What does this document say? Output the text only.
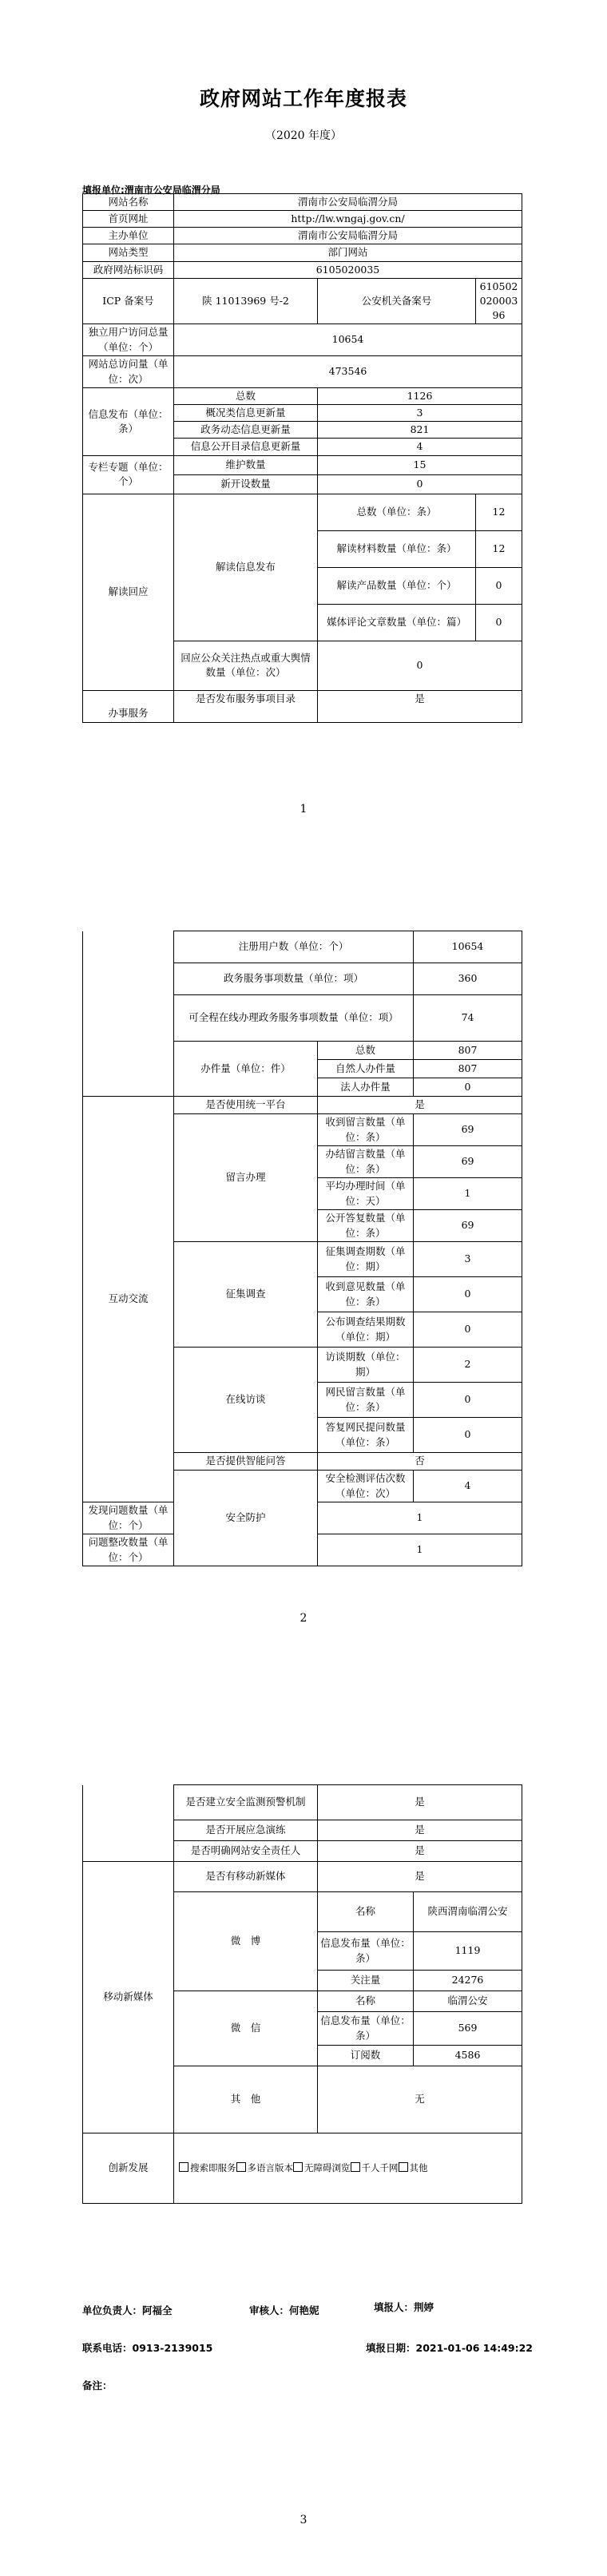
政府网站工作年度报表
（2020 年度）
填报单位:渭南市公安局临渭分局
网站名称	渭南市公安局临渭分局		
首页网址	http://lw.wngaj.gov.cn/		
主办单位	渭南市公安局临渭分局		
网站类型	部门网站		
政府网站标识码	6105020035		
ICP 备案号	陕 11013969 号-2	公安机关备案号	61050202000396
独立用户访问总量（单位：个）	10654		
网站总访问量（单位：次）	473546		
信息发布（单位：条）	总数	1126	
	概况类信息更新量	3	
	政务动态信息更新量	821	
	信息公开目录信息更新量	4	
专栏专题（单位：个）	维护数量	15	
	新开设数量	0	
解读回应	解读信息发布	总数（单位：条）	12
		解读材料数量（单位：条）	12
		解读产品数量（单位：个）	0
		媒体评论文章数量（单位：篇）	0
	回应公众关注热点或重大舆情数量（单位：次）	0	
办事服务	是否发布服务事项目录	是	
1
	注册用户数（单位：个）		10654
	政务服务事项数量（单位：项）		360
	可全程在线办理政务服务事项数量（单位：项）		74
	办件量（单位：件）	总数	807
		自然人办件量	807
		法人办件量	0
互动交流	是否使用统一平台	是	
	留言办理	收到留言数量（单位：条）	69
		办结留言数量（单位：条）	69
		平均办理时间（单位：天）	1
		公开答复数量（单位：条）	69
	征集调查	征集调查期数（单位：期）	3
		收到意见数量（单位：条）	0
		公布调查结果期数（单位：期）	0
	在线访谈	访谈期数（单位：期）	2
		网民留言数量（单位：条）	0
		答复网民提问数量（单位：条）	0
	是否提供智能问答	否	
	安全防护	安全检测评估次数（单位：次）	4
发现问题数量（单位：个）		1	
问题整改数量（单位：个）		1	
2
	是否建立安全监测预警机制	是	
	是否开展应急演练	是	
	是否明确网站安全责任人	是	
移动新媒体	是否有移动新媒体	是	
	微　博	名称	陕西渭南临渭公安
		信息发布量（单位：条）	1119
		关注量	24276
	微　信	名称	临渭公安
		信息发布量（单位：条）	569
		订阅数	4586
	其　他	无	
创新发展	搜索即服务 多语言版本 无障碍浏览 千人千网 其他		
单位负责人：阿福全	审核人：何艳妮	填报人：荆婷
联系电话：0913-2139015	填报日期：2021-01-06 14:49:22
备注：
3
